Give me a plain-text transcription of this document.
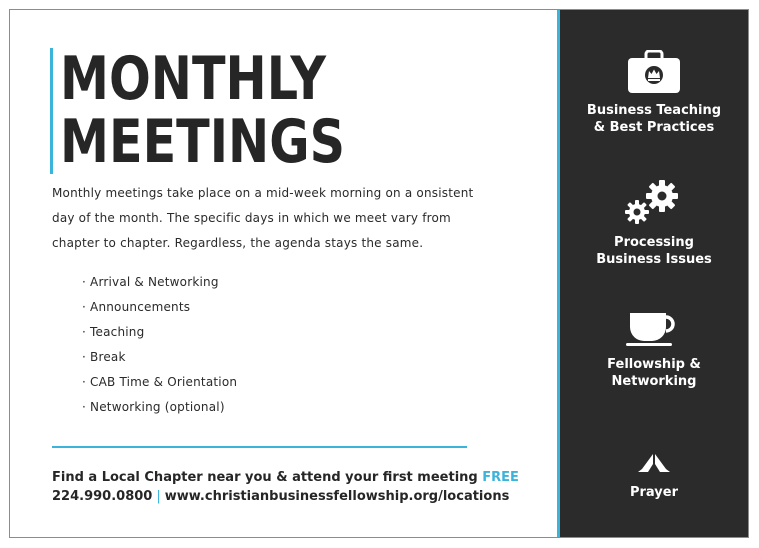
MONTHLY
MEETINGS

Monthly meetings take place on a mid-week morning on a onsistent day of the month. The specific days in which we meet vary from chapter to chapter. Regardless, the agenda stays the same.

· Arrival & Networking
· Announcements
· Teaching
· Break
· CAB Time & Orientation
· Networking (optional)
Find a Local Chapter near you & attend your first meeting FREE
224.990.0800 | www.christianbusinessfellowship.org/locations
Business Teaching
& Best Practices
Processing
Business Issues
Fellowship &
Networking
Prayer
